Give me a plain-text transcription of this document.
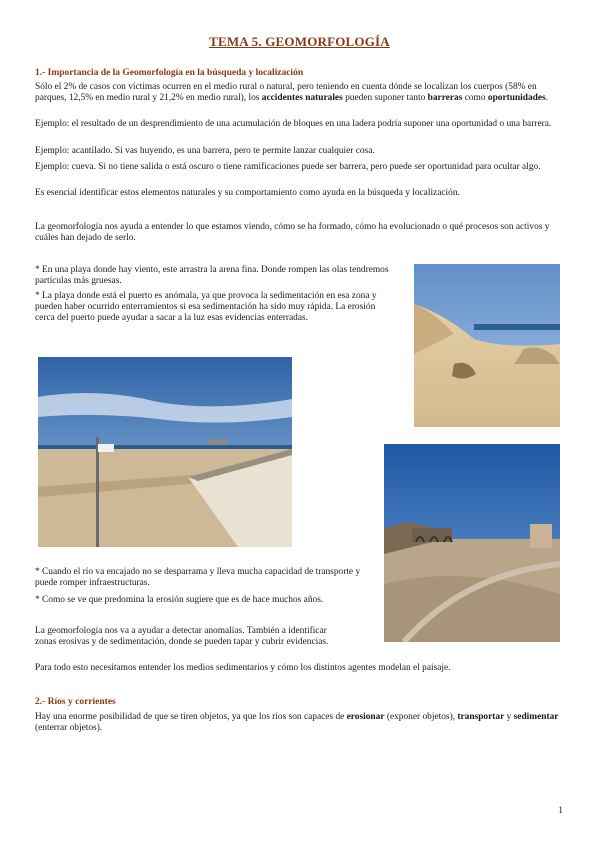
TEMA 5. GEOMORFOLOGÍA
1.- Importancia de la Geomorfología en la búsqueda y localización
Sólo el 2% de casos con víctimas ocurren en el medio rural o natural, pero teniendo en cuenta dónde se localizan los cuerpos (58% en parques, 12,5% en medio rural y 21,2% en medio rural), los accidentes naturales pueden suponer tanto barreras como oportunidades.
Ejemplo: el resultado de un desprendimiento de una acumulación de bloques en una ladera podría suponer una oportunidad o una barrera.
Ejemplo: acantilado. Si vas huyendo, es una barrera, pero te permite lanzar cualquier cosa.
Ejemplo: cueva. Si no tiene salida o está oscuro o tiene ramificaciones puede ser barrera, pero puede ser oportunidad para ocultar algo.
Es esencial identificar estos elementos naturales y su comportamiento como ayuda en la búsqueda y localización.
La geomorfología nos ayuda a entender lo que estamos viendo, cómo se ha formado, cómo ha evolucionado o qué procesos son activos y cuáles han dejado de serlo.
* En una playa donde hay viento, este arrastra la arena fina. Donde rompen las olas tendremos partículas más gruesas.
* La playa donde está el puerto es anómala, ya que provoca la sedimentación en esa zona y pueden haber ocurrido enterramientos si esa sedimentación ha sido muy rápida. La erosión cerca del puerto puede ayudar a sacar a la luz esas evidencias enterradas.
* Cuando el río va encajado no se desparrama y lleva mucha capacidad de transporte y puede romper infraestructuras.
* Como se ve que predomina la erosión sugiere que es de hace muchos años.
La geomorfología nos va a ayudar a detectar anomalías. También a identificar zonas erosivas y de sedimentación, donde se pueden tapar y cubrir evidencias.
Para todo esto necesitamos entender los medios sedimentarios y cómo los distintos agentes modelan el paisaje.
2.- Ríos y corrientes
Hay una enorme posibilidad de que se tiren objetos, ya que los ríos son capaces de erosionar (exponer objetos), transportar y sedimentar (enterrar objetos).
1
